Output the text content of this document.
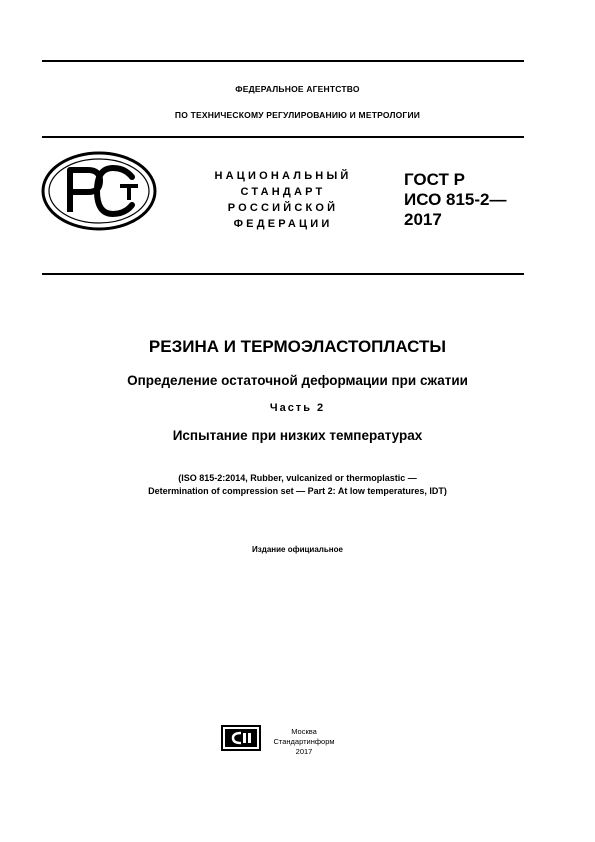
ФЕДЕРАЛЬНОЕ АГЕНТСТВО
ПО ТЕХНИЧЕСКОМУ РЕГУЛИРОВАНИЮ И МЕТРОЛОГИИ
НАЦИОНАЛЬНЫЙ
СТАНДАРТ
РОССИЙСКОЙ
ФЕДЕРАЦИИ
ГОСТ Р
ИСО 815-2—
2017
РЕЗИНА И ТЕРМОЭЛАСТОПЛАСТЫ
Определение остаточной деформации при сжатии
Часть 2
Испытание при низких температурах
(ISO 815-2:2014, Rubber, vulcanized or thermoplastic —
Determination of compression set — Part 2: At low temperatures, IDT)
Издание официальное
Москва
Стандартинформ
2017
